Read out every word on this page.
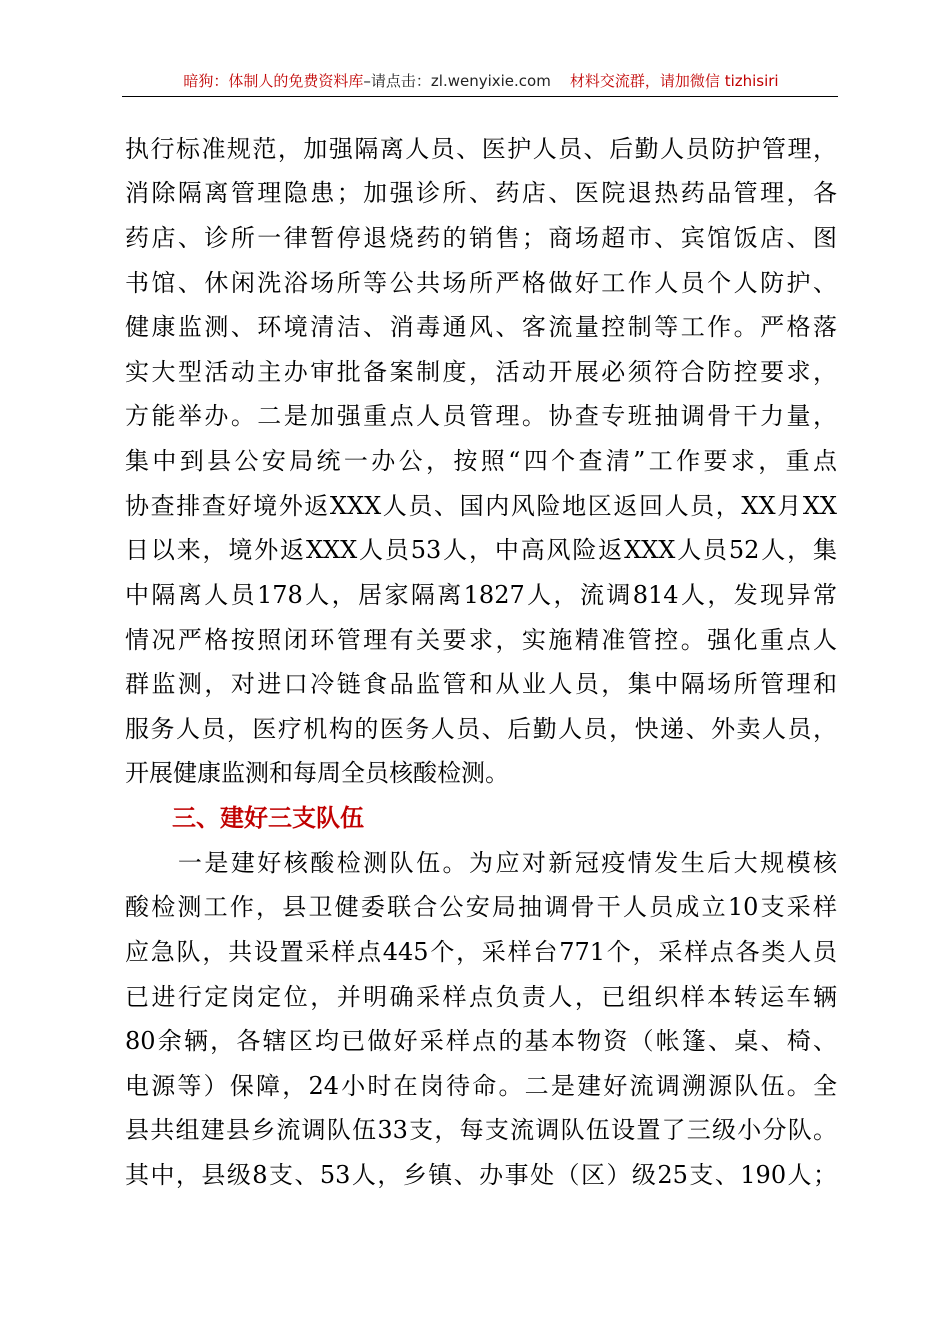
暗狗：体制人的免费资料库–请点击：zl.wenyixie.com 材料交流群，请加微信 tizhisiri
执行标准规范，加强隔离人员、医护人员、后勤人员防护管理，
消除隔离管理隐患；加强诊所、药店、医院退热药品管理，各
药店、诊所一律暂停退烧药的销售；商场超市、宾馆饭店、图
书馆、休闲洗浴场所等公共场所严格做好工作人员个人防护、
健康监测、环境清洁、消毒通风、客流量控制等工作。严格落
实大型活动主办审批备案制度，活动开展必须符合防控要求，
方能举办。二是加强重点人员管理。协查专班抽调骨干力量，
集中到县公安局统一办公，按照“四个查清”工作要求，重点
协查排查好境外返XXX人员、国内风险地区返回人员，XX月XX
日以来，境外返XXX人员53人，中高风险返XXX人员52人，集
中隔离人员178人，居家隔离1827人，流调814人，发现异常
情况严格按照闭环管理有关要求，实施精准管控。强化重点人
群监测，对进口冷链食品监管和从业人员，集中隔场所管理和
服务人员，医疗机构的医务人员、后勤人员，快递、外卖人员，
开展健康监测和每周全员核酸检测。
三、建好三支队伍
　　一是建好核酸检测队伍。为应对新冠疫情发生后大规模核
酸检测工作，县卫健委联合公安局抽调骨干人员成立10支采样
应急队，共设置采样点445个，采样台771个，采样点各类人员
已进行定岗定位，并明确采样点负责人，已组织样本转运车辆
80余辆，各辖区均已做好采样点的基本物资（帐篷、桌、椅、
电源等）保障，24小时在岗待命。二是建好流调溯源队伍。全
县共组建县乡流调队伍33支，每支流调队伍设置了三级小分队。
其中，县级8支、53人，乡镇、办事处（区）级25支、190人；
